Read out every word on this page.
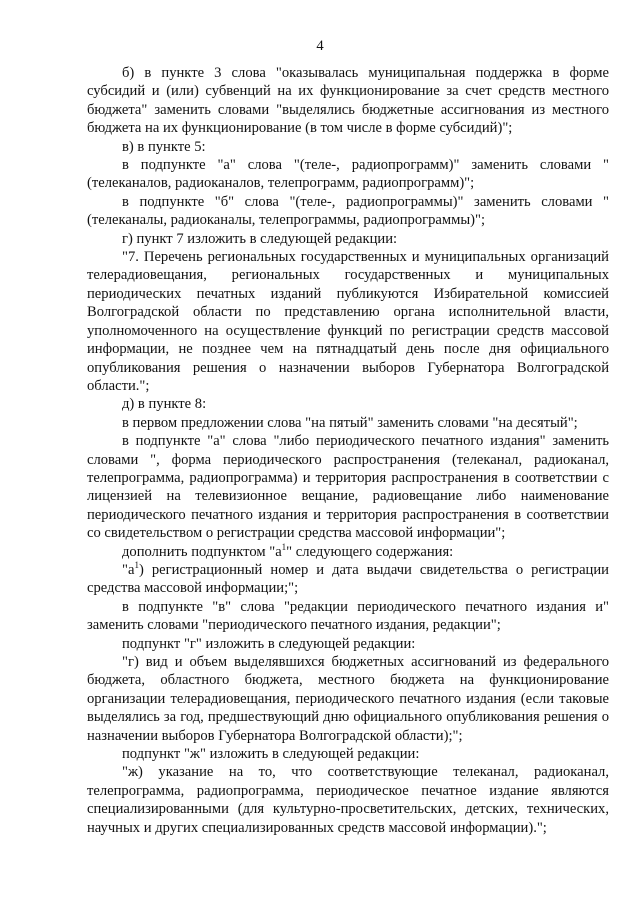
4

б) в пункте 3 слова "оказывалась муниципальная поддержка в форме субсидий и (или) субвенций на их функционирование за счет средств местного бюджета" заменить словами "выделялись бюджетные ассигнования из местного бюджета на их функционирование (в том числе в форме субсидий)";

в) в пункте 5:

в подпункте "а" слова "(теле-, радиопрограмм)" заменить словами "(телеканалов, радиоканалов, телепрограмм, радиопрограмм)";

в подпункте "б" слова "(теле-, радиопрограммы)" заменить словами "(телеканалы, радиоканалы, телепрограммы, радиопрограммы)";

г) пункт 7 изложить в следующей редакции:

"7. Перечень региональных государственных и муниципальных организаций телерадиовещания, региональных государственных и муниципальных периодических печатных изданий публикуются Избирательной комиссией Волгоградской области по представлению органа исполнительной власти, уполномоченного на осуществление функций по регистрации средств массовой информации, не позднее чем на пятнадцатый день после дня официального опубликования решения о назначении выборов Губернатора Волгоградской области.";

д) в пункте 8:

в первом предложении слова "на пятый" заменить словами "на десятый";

в подпункте "а" слова "либо периодического печатного издания" заменить словами ", форма периодического распространения (телеканал, радиоканал, телепрограмма, радиопрограмма) и территория распространения в соответствии с лицензией на телевизионное вещание, радиовещание либо наименование периодического печатного издания и территория распространения в соответствии со свидетельством о регистрации средства массовой информации";

дополнить подпунктом "$а^1$" следующего содержания:

"$а^1$) регистрационный номер и дата выдачи свидетельства о регистрации средства массовой информации;";

в подпункте "в" слова "редакции периодического печатного издания и" заменить словами "периодического печатного издания, редакции";

подпункт "г" изложить в следующей редакции:

"г) вид и объем выделявшихся бюджетных ассигнований из федерального бюджета, областного бюджета, местного бюджета на функционирование организации телерадиовещания, периодического печатного издания (если таковые выделялись за год, предшествующий дню официального опубликования решения о назначении выборов Губернатора Волгоградской области);";

подпункт "ж" изложить в следующей редакции:

"ж) указание на то, что соответствующие телеканал, радиоканал, телепрограмма, радиопрограмма, периодическое печатное издание являются специализированными (для культурно-просветительских, детских, технических, научных и других специализированных средств массовой информации).";
